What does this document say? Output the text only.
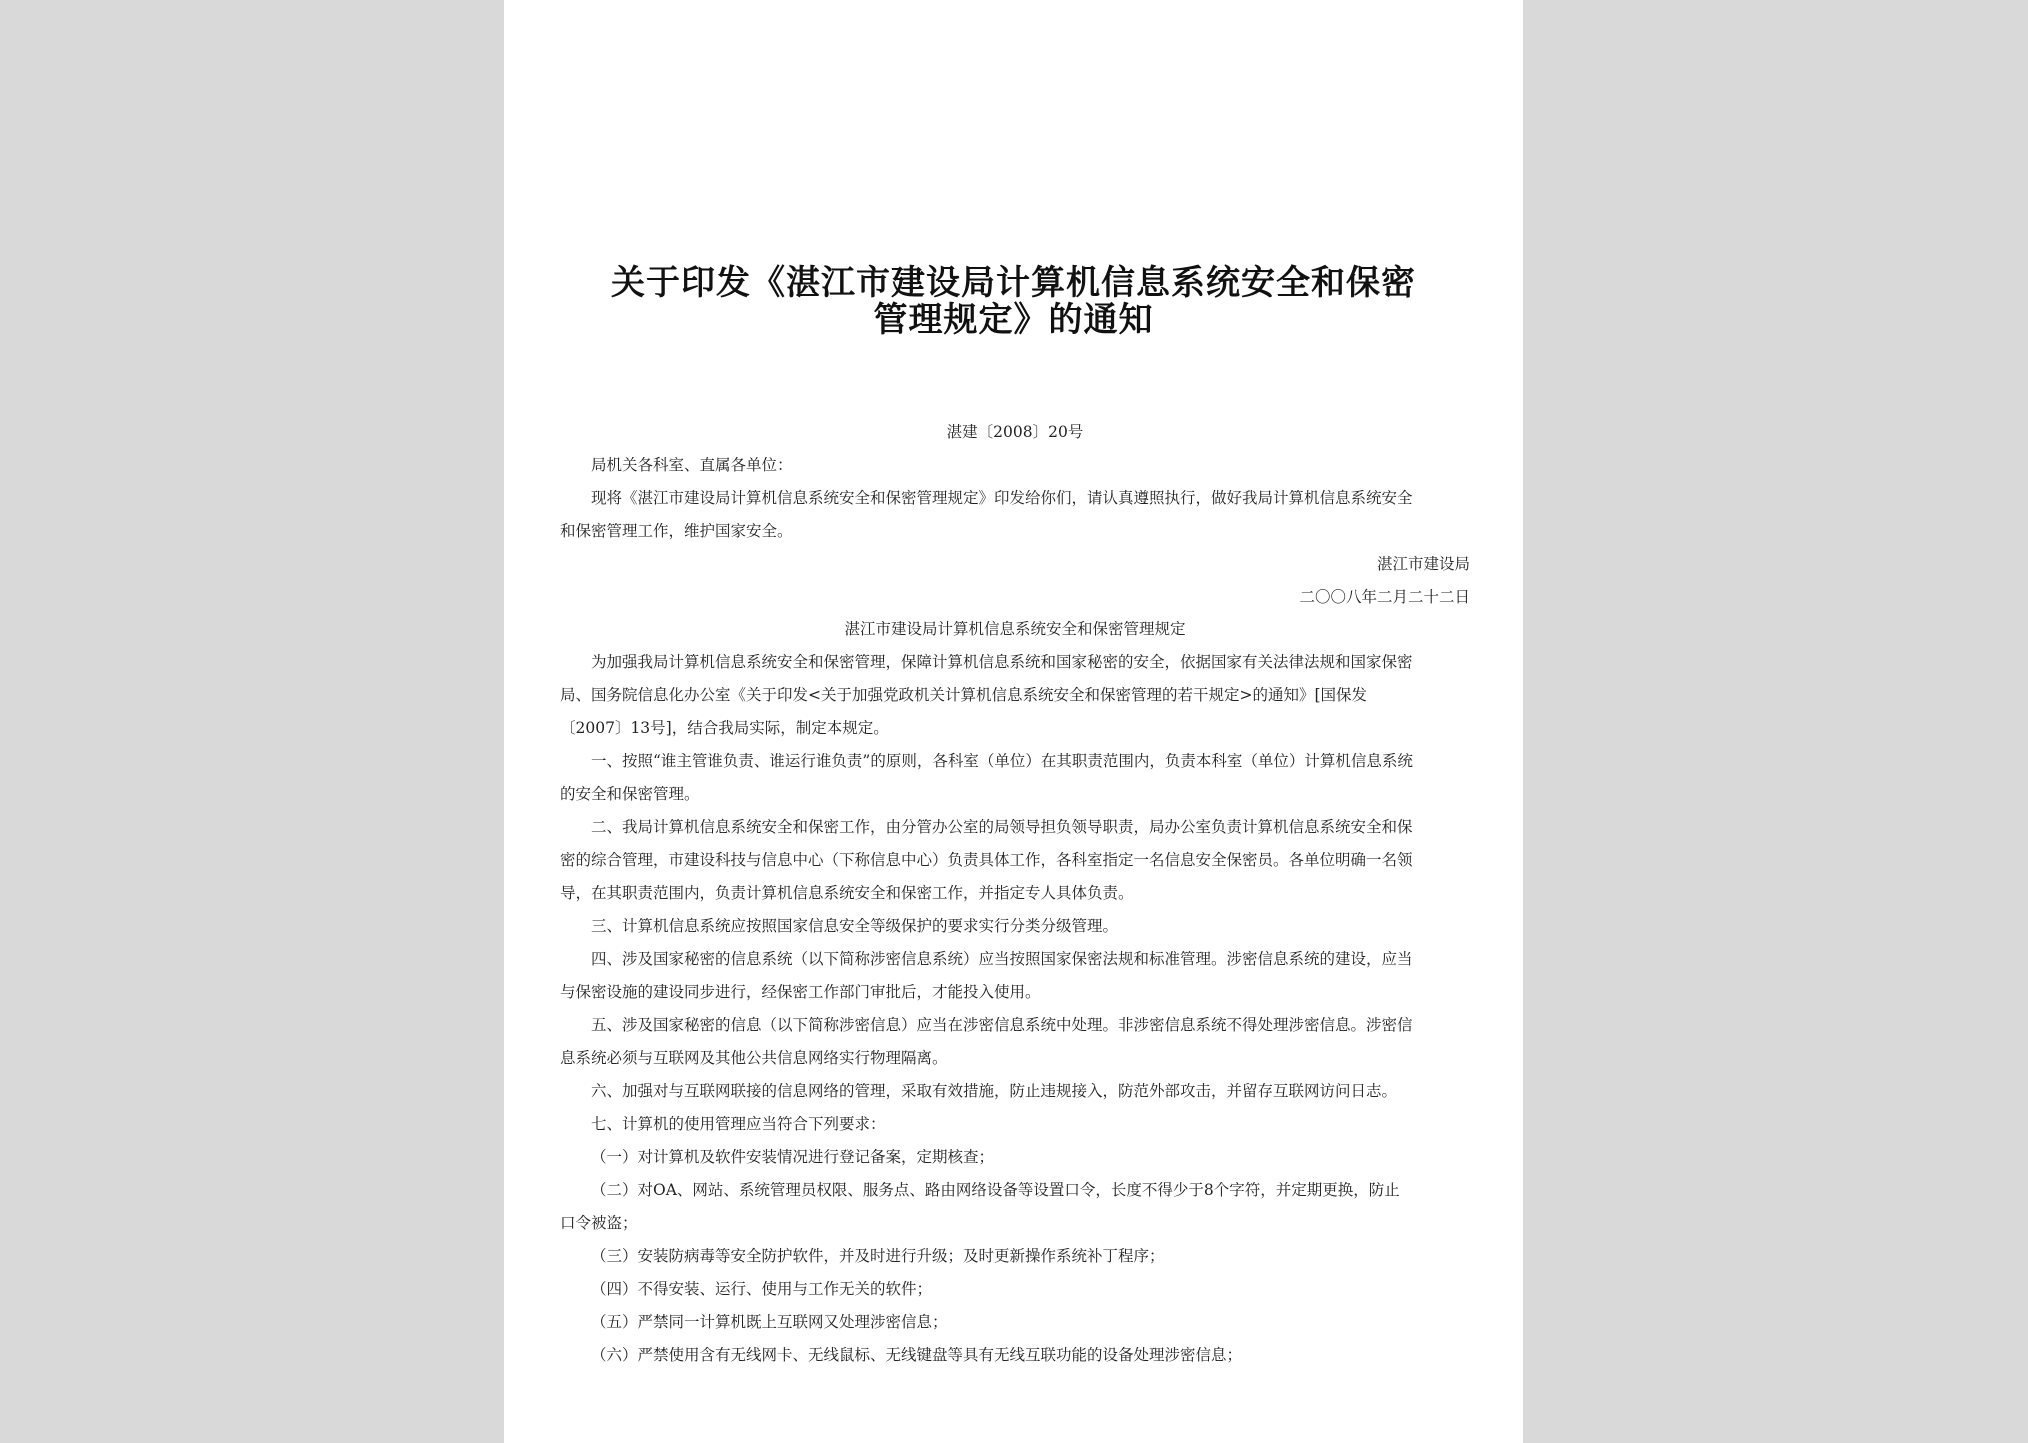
关于印发《湛江市建设局计算机信息系统安全和保密
管理规定》的通知
湛建〔2008〕20号
局机关各科室、直属各单位：
现将《湛江市建设局计算机信息系统安全和保密管理规定》印发给你们，请认真遵照执行，做好我局计算机信息系统安全
和保密管理工作，维护国家安全。
湛江市建设局
二〇〇八年二月二十二日
湛江市建设局计算机信息系统安全和保密管理规定
为加强我局计算机信息系统安全和保密管理，保障计算机信息系统和国家秘密的安全，依据国家有关法律法规和国家保密
局、国务院信息化办公室《关于印发<关于加强党政机关计算机信息系统安全和保密管理的若干规定>的通知》[国保发
〔2007〕13号]，结合我局实际，制定本规定。
一、按照“谁主管谁负责、谁运行谁负责”的原则，各科室（单位）在其职责范围内，负责本科室（单位）计算机信息系统
的安全和保密管理。
二、我局计算机信息系统安全和保密工作，由分管办公室的局领导担负领导职责，局办公室负责计算机信息系统安全和保
密的综合管理，市建设科技与信息中心（下称信息中心）负责具体工作，各科室指定一名信息安全保密员。各单位明确一名领
导，在其职责范围内，负责计算机信息系统安全和保密工作，并指定专人具体负责。
三、计算机信息系统应按照国家信息安全等级保护的要求实行分类分级管理。
四、涉及国家秘密的信息系统（以下简称涉密信息系统）应当按照国家保密法规和标准管理。涉密信息系统的建设，应当
与保密设施的建设同步进行，经保密工作部门审批后，才能投入使用。
五、涉及国家秘密的信息（以下简称涉密信息）应当在涉密信息系统中处理。非涉密信息系统不得处理涉密信息。涉密信
息系统必须与互联网及其他公共信息网络实行物理隔离。
六、加强对与互联网联接的信息网络的管理，采取有效措施，防止违规接入，防范外部攻击，并留存互联网访问日志。
七、计算机的使用管理应当符合下列要求：
（一）对计算机及软件安装情况进行登记备案，定期核查；
（二）对OA、网站、系统管理员权限、服务点、路由网络设备等设置口令，长度不得少于8个字符，并定期更换，防止
口令被盗；
（三）安装防病毒等安全防护软件，并及时进行升级；及时更新操作系统补丁程序；
（四）不得安装、运行、使用与工作无关的软件；
（五）严禁同一计算机既上互联网又处理涉密信息；
（六）严禁使用含有无线网卡、无线鼠标、无线键盘等具有无线互联功能的设备处理涉密信息；
